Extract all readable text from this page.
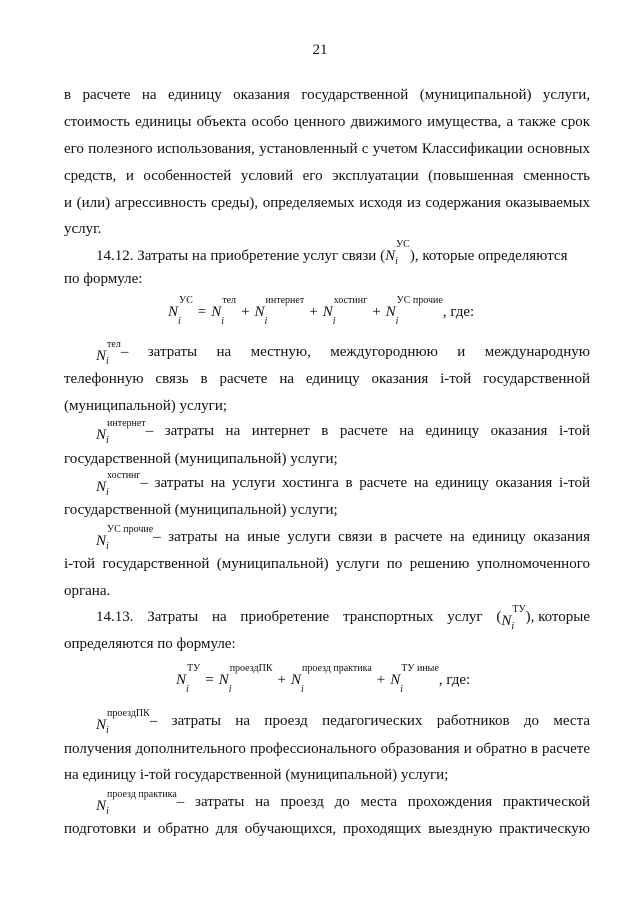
21
в расчете на единицу оказания государственной (муниципальной) услуги,
стоимость единицы объекта особо ценного движимого имущества, а также срок
его полезного использования, установленный с учетом Классификации основных
средств, и особенностей условий его эксплуатации (повышенная сменность
и (или) агрессивность среды), определяемых исходя из содержания оказываемых
услуг.
14.12. Затраты на приобретение услуг связи ($N^{УС}$
i ), которые определяются
по формуле:
$N^{УС}$
i
= $N^{тел}$
i
+ $N^{интернет}$
i
+ $N^{хостинг}$
i
+ $N^{УС прочие}$
i
, где:
$N^{тел}$
i
– затраты на местную, междугороднюю и международную
телефонную связь в расчете на единицу оказания i-той государственной
(муниципальной) услуги;
$N^{интернет}$
i
– затраты на интернет в расчете на единицу оказания i-той
государственной (муниципальной) услуги;
$N^{хостинг}$
i
– затраты на услуги хостинга в расчете на единицу оказания i-той
государственной (муниципальной) услуги;
$N^{УС прочие}$
i
– затраты на иные услуги связи в расчете на единицу оказания
i-той государственной (муниципальной) услуги по решению уполномоченного
органа.
14.13. Затраты на приобретение транспортных услуг ( $N^{ТУ}$
i
), которые
определяются по формуле:
$N^{ТУ}$
i
= $N^{проездПК}$
i
+ $N^{проезд практика}$
i
+ $N^{ТУ иные}$
i
, где:
$N^{проездПК}$
i
– затраты на проезд педагогических работников до места
получения дополнительного профессионального образования и обратно в расчете
на единицу i-той государственной (муниципальной) услуги;
$N^{проезд практика}$
i
– затраты на проезд до места прохождения практической
подготовки и обратно для обучающихся, проходящих выездную практическую
